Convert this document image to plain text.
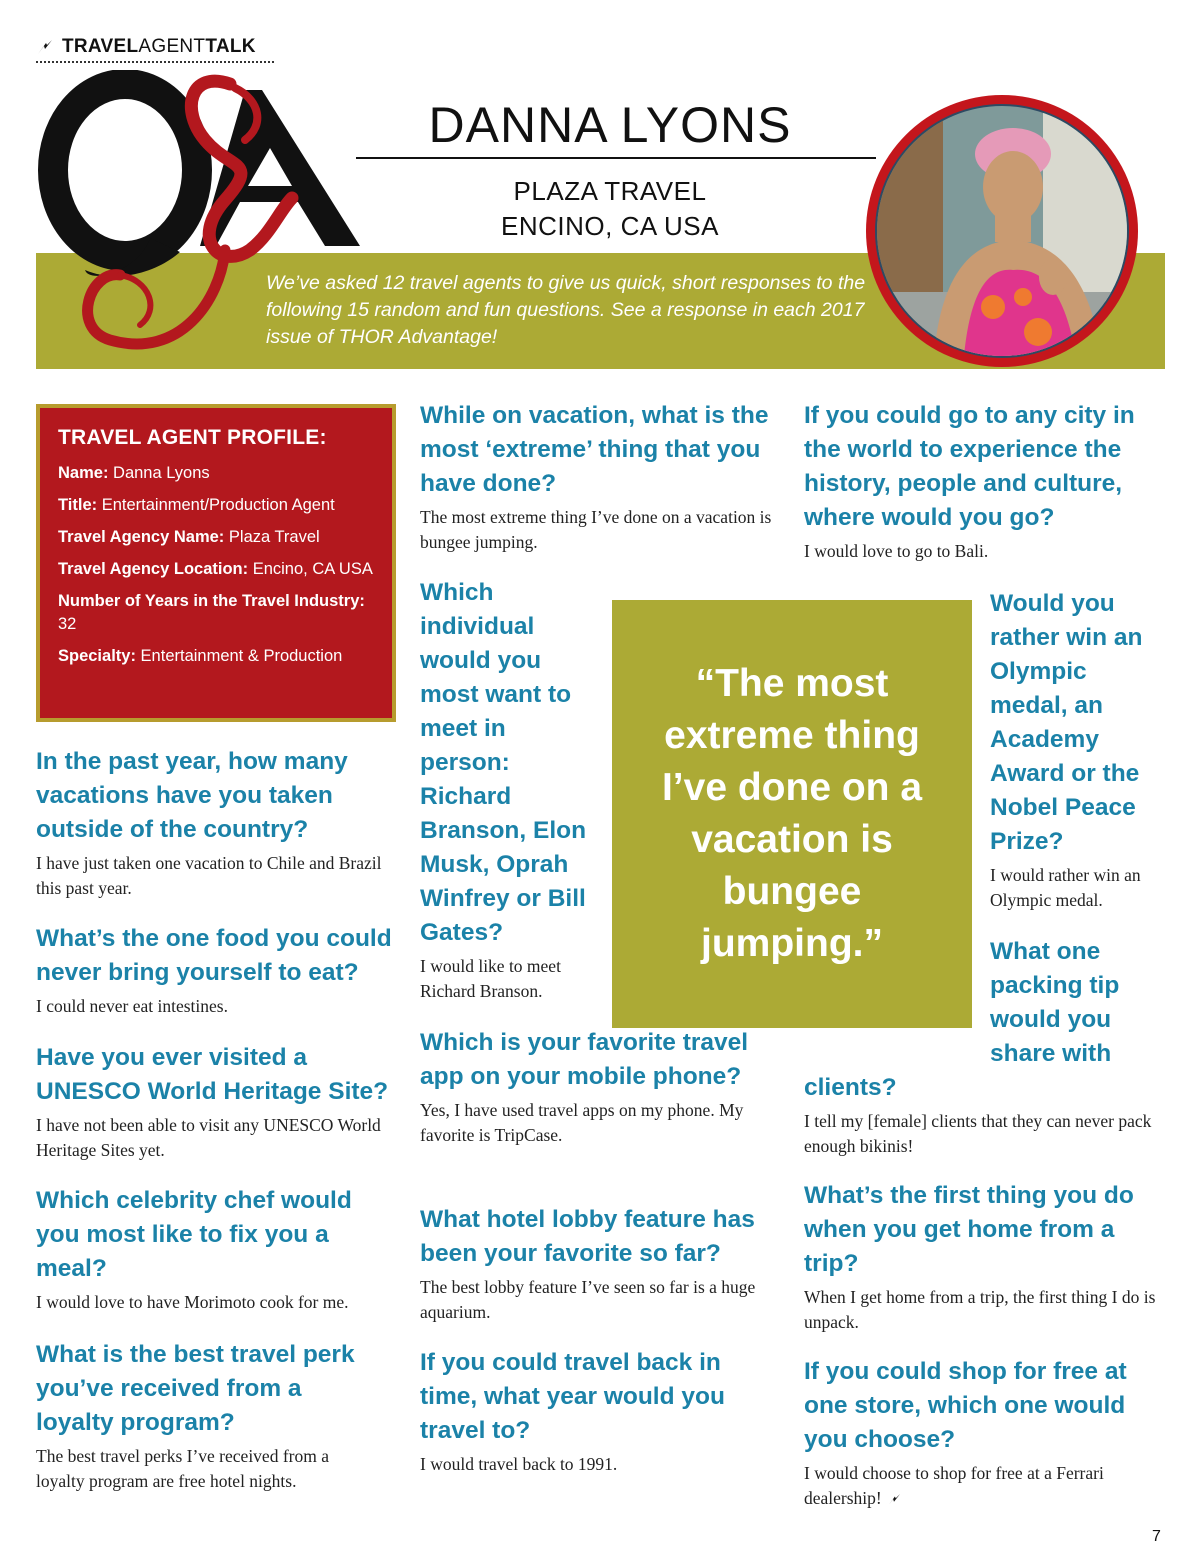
TRAVELAGENTTALK
We’ve asked 12 travel agents to give us quick, short responses to the following 15 random and fun questions. See a response in each 2017 issue of THOR Advantage!
Q&A
DANNA LYONS
PLAZA TRAVEL
ENCINO, CA USA
TRAVEL AGENT PROFILE:
Name: Danna Lyons
Title: Entertainment/Production Agent
Travel Agency Name: Plaza Travel
Travel Agency Location: Encino, CA USA
Number of Years in the Travel Industry: 32
Specialty: Entertainment & Production
In the past year, how many vacations have you taken outside of the country?
I have just taken one vacation to Chile and Brazil this past year.
What’s the one food you could never bring yourself to eat?
I could never eat intestines.
Have you ever visited a UNESCO World Heritage Site?
I have not been able to visit any UNESCO World Heritage Sites yet.
Which celebrity chef would you most like to fix you a meal?
I would love to have Morimoto cook for me.
What is the best travel perk you’ve received from a loyalty program?
The best travel perks I’ve received from a loyalty program are free hotel nights.
While on vacation, what is the most ‘extreme’ thing that you have done?
The most extreme thing I’ve done on a vacation is bungee jumping.
Which individual would you most want to meet in person: Richard Branson, Elon Musk, Oprah Winfrey or Bill Gates?
I would like to meet Richard Branson.
Which is your favorite travel app on your mobile phone?
Yes, I have used travel apps on my phone. My favorite is TripCase.
What hotel lobby feature has been your favorite so far?
The best lobby feature I’ve seen so far is a huge aquarium.
If you could travel back in time, what year would you travel to?
I would travel back to 1991.
“The most extreme thing I’ve done on a vacation is bungee jumping.”
If you could go to any city in the world to experience the history, people and culture, where would you go?
I would love to go to Bali.
Would you rather win an Olympic medal, an Academy Award or the Nobel Peace Prize?
I would rather win an Olympic medal.
What one packing tip would you share with
clients?
I tell my [female] clients that they can never pack enough bikinis!
What’s the first thing you do when you get home from a trip?
When I get home from a trip, the first thing I do is unpack.
If you could shop for free at one store, which one would you choose?
I would choose to shop for free at a Ferrari dealership!
7
